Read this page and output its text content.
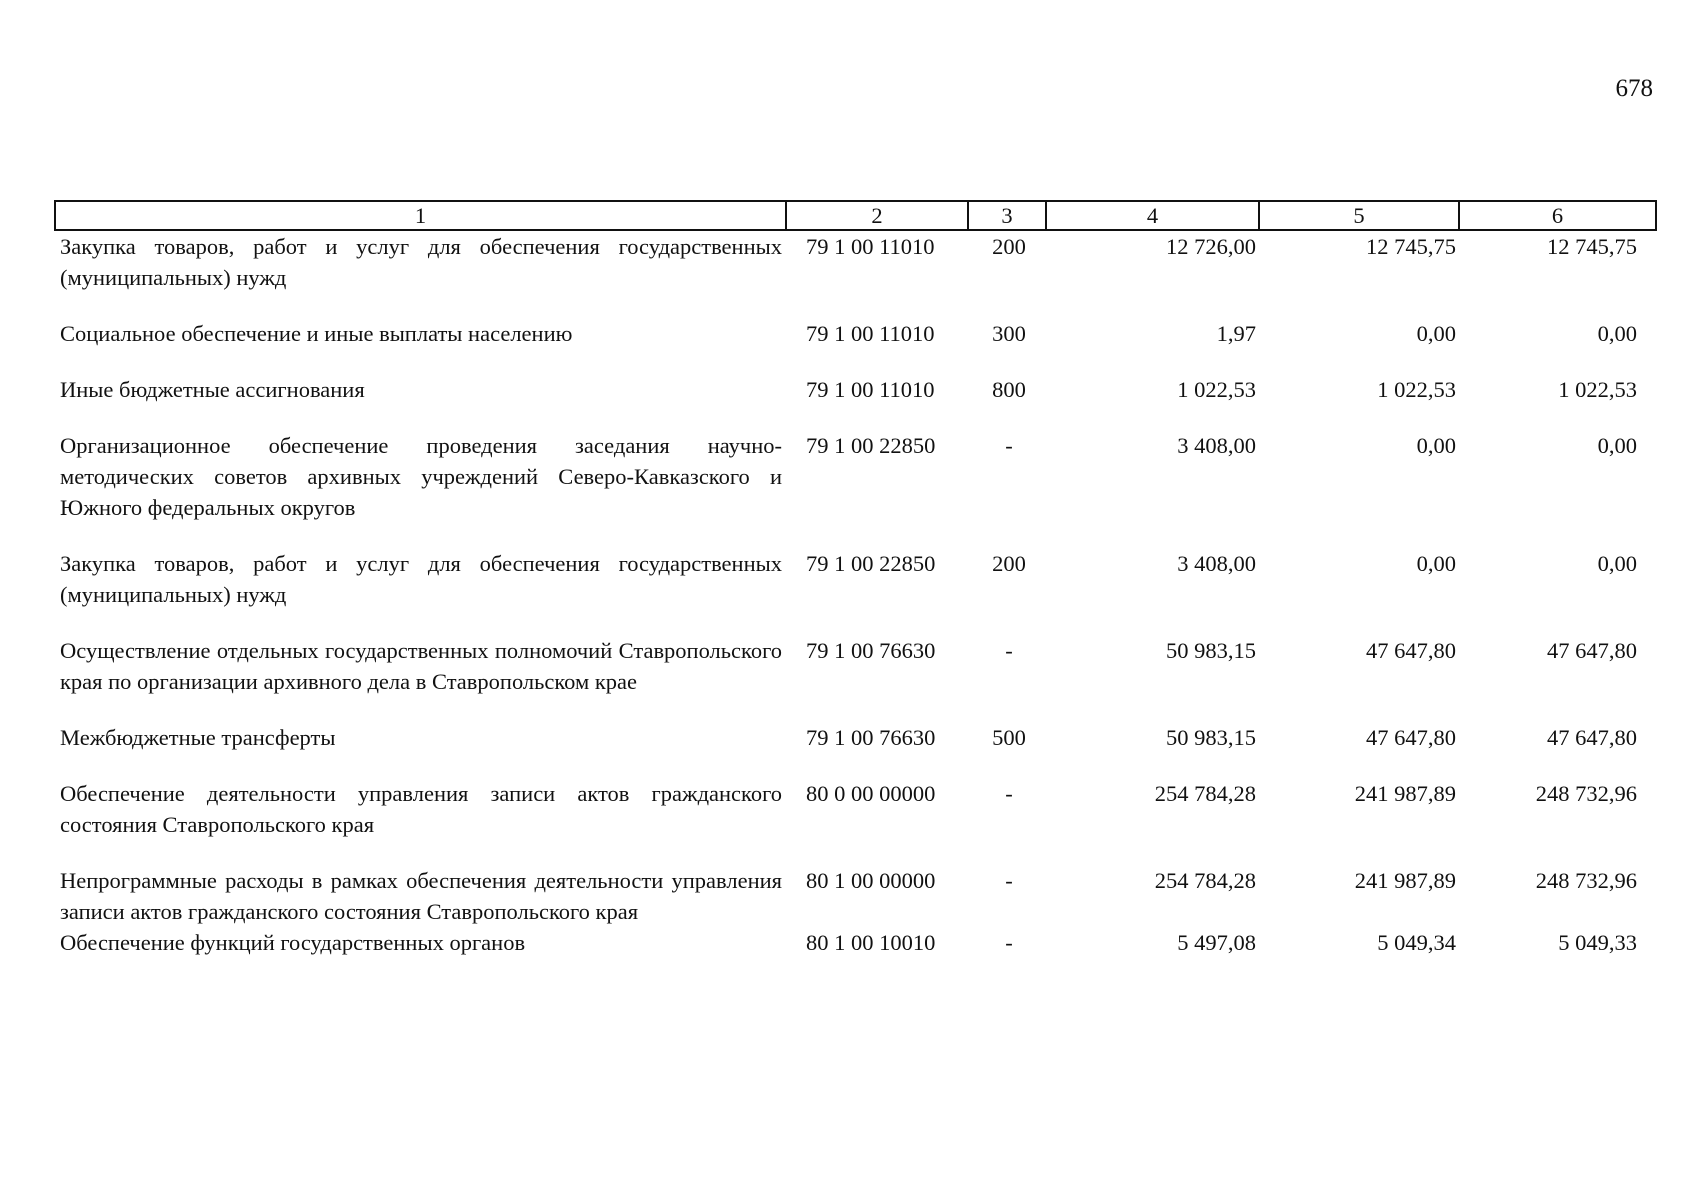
678
1	2	3	4	5	6
Закупка товаров, работ и услуг для обеспечения государственных (муниципальных) нужд	79 1 00 11010	200	12 726,00	12 745,75	12 745,75
Социальное обеспечение и иные выплаты населению	79 1 00 11010	300	1,97	0,00	0,00
Иные бюджетные ассигнования	79 1 00 11010	800	1 022,53	1 022,53	1 022,53
Организационное обеспечение проведения заседания научно-методических советов архивных учреждений Северо-Кавказского и Южного федеральных округов	79 1 00 22850	-	3 408,00	0,00	0,00
Закупка товаров, работ и услуг для обеспечения государственных (муниципальных) нужд	79 1 00 22850	200	3 408,00	0,00	0,00
Осуществление отдельных государственных полномочий Ставропольского края по организации архивного дела в Ставропольском крае	79 1 00 76630	-	50 983,15	47 647,80	47 647,80
Межбюджетные трансферты	79 1 00 76630	500	50 983,15	47 647,80	47 647,80
Обеспечение деятельности управления записи актов гражданского состояния Ставропольского края	80 0 00 00000	-	254 784,28	241 987,89	248 732,96
Непрограммные расходы в рамках обеспечения деятельности управления записи актов гражданского состояния Ставропольского края	80 1 00 00000	-	254 784,28	241 987,89	248 732,96
Обеспечение функций государственных органов	80 1 00 10010	-	5 497,08	5 049,34	5 049,33
